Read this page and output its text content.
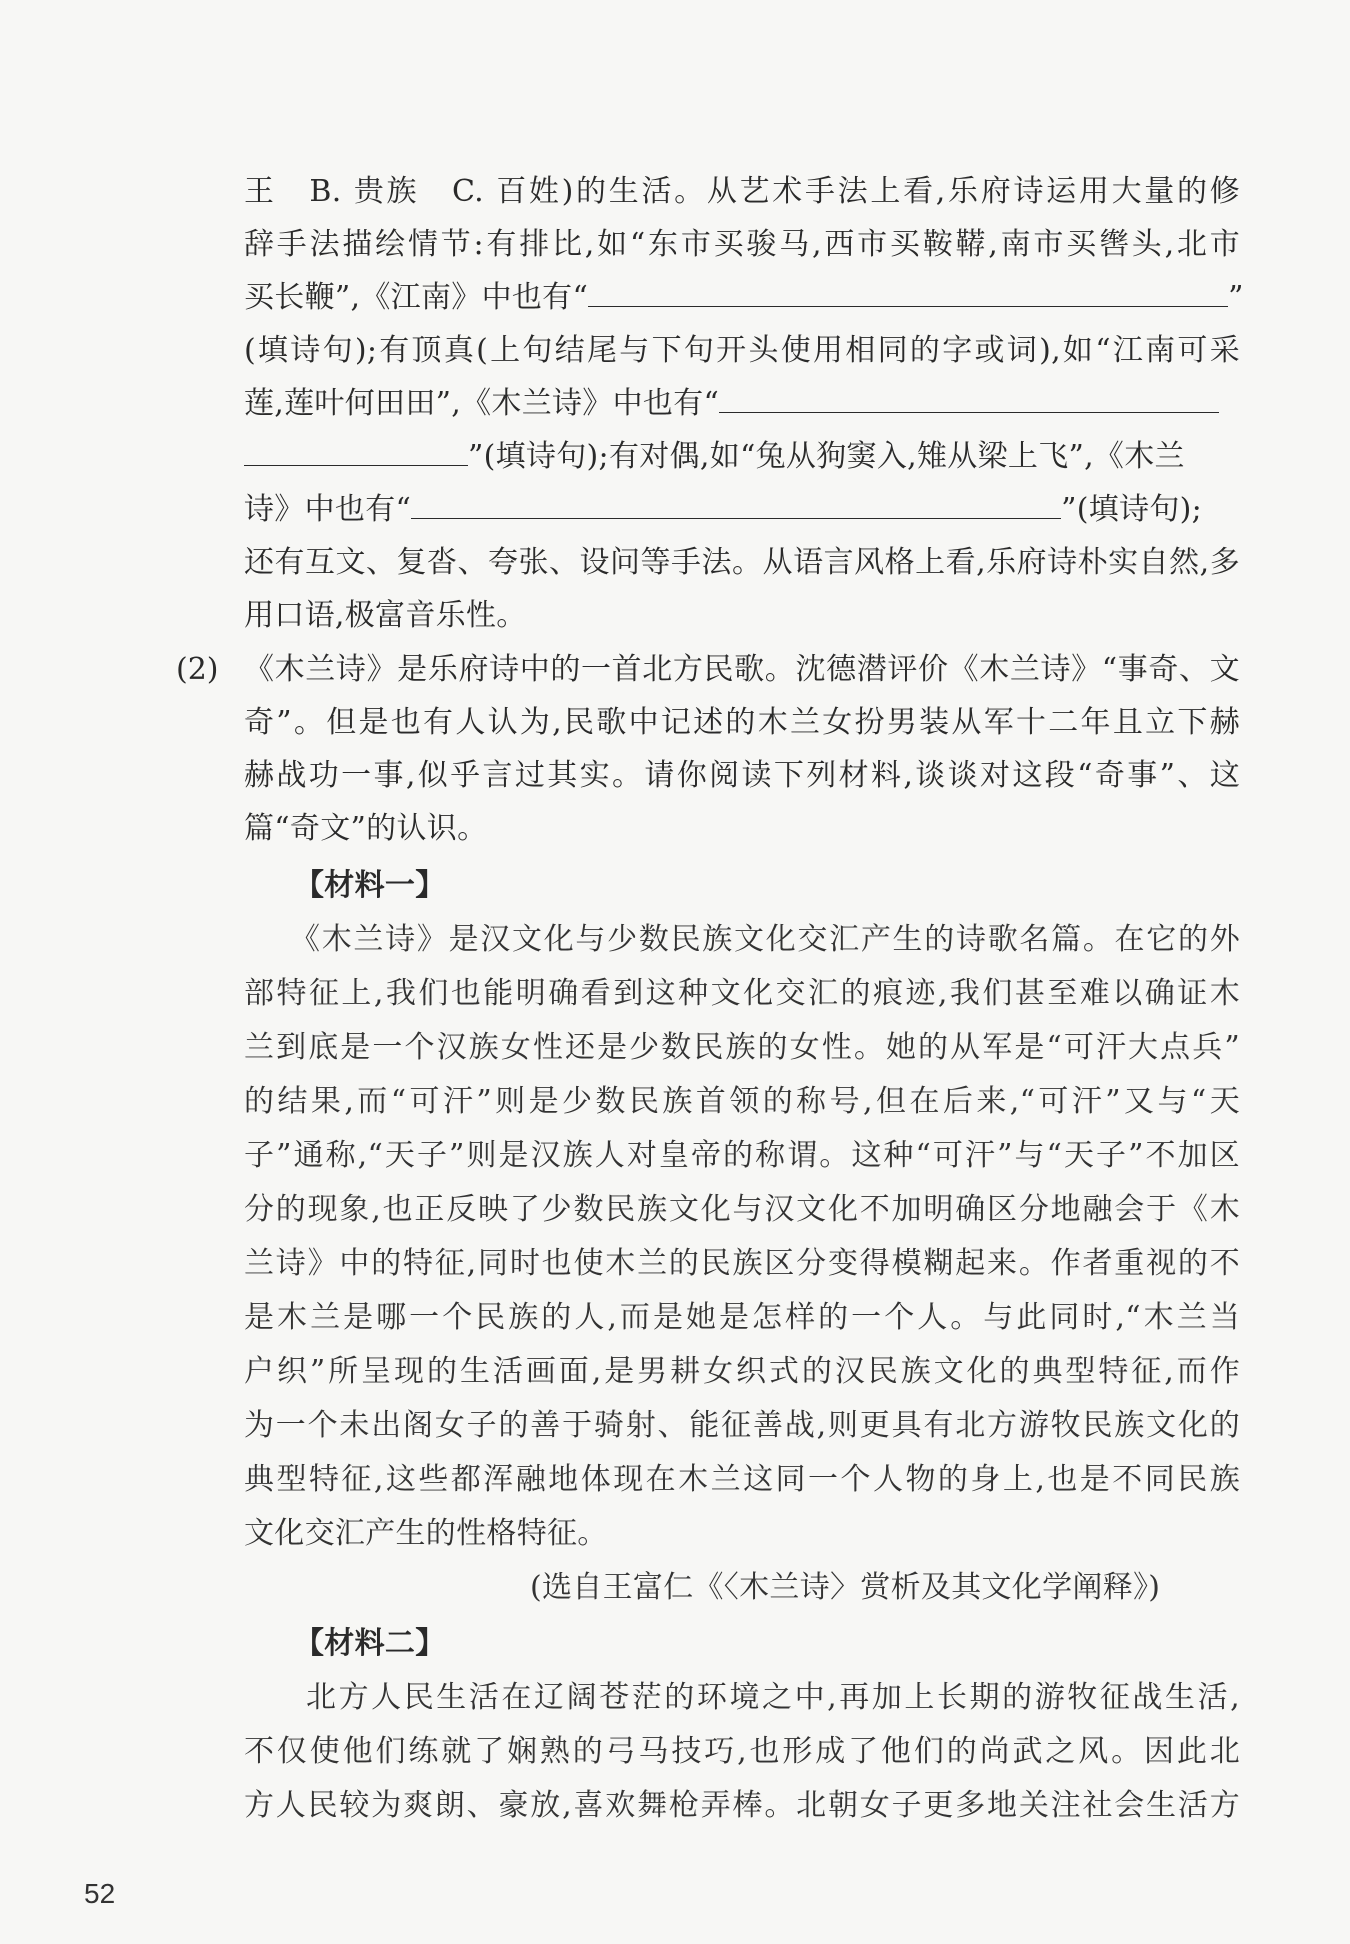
王　B. 贵族　C. 百姓)的生活。从艺术手法上看,乐府诗运用大量的修
辞手法描绘情节:有排比,如“东市买骏马,西市买鞍鞯,南市买辔头,北市
买长鞭”,《江南》中也有“	”
(填诗句);有顶真(上句结尾与下句开头使用相同的字或词),如“江南可采
莲,莲叶何田田”,《木兰诗》中也有“
”(填诗句);有对偶,如“兔从狗窦入,雉从梁上飞”,《木兰
诗》中也有“	”(填诗句);
还有互文、复沓、夸张、设问等手法。从语言风格上看,乐府诗朴实自然,多
用口语,极富音乐性。
(2) 《木兰诗》是乐府诗中的一首北方民歌。沈德潜评价《木兰诗》“事奇、文
奇”。但是也有人认为,民歌中记述的木兰女扮男装从军十二年且立下赫
赫战功一事,似乎言过其实。请你阅读下列材料,谈谈对这段“奇事”、这
篇“奇文”的认识。
【材料一】
《木兰诗》是汉文化与少数民族文化交汇产生的诗歌名篇。在它的外
部特征上,我们也能明确看到这种文化交汇的痕迹,我们甚至难以确证木
兰到底是一个汉族女性还是少数民族的女性。她的从军是“可汗大点兵”
的结果,而“可汗”则是少数民族首领的称号,但在后来,“可汗”又与“天
子”通称,“天子”则是汉族人对皇帝的称谓。这种“可汗”与“天子”不加区
分的现象,也正反映了少数民族文化与汉文化不加明确区分地融会于《木
兰诗》中的特征,同时也使木兰的民族区分变得模糊起来。作者重视的不
是木兰是哪一个民族的人,而是她是怎样的一个人。与此同时,“木兰当
户织”所呈现的生活画面,是男耕女织式的汉民族文化的典型特征,而作
为一个未出阁女子的善于骑射、能征善战,则更具有北方游牧民族文化的
典型特征,这些都浑融地体现在木兰这同一个人物的身上,也是不同民族
文化交汇产生的性格特征。
(选自王富仁《〈木兰诗〉赏析及其文化学阐释》)
【材料二】
北方人民生活在辽阔苍茫的环境之中,再加上长期的游牧征战生活,
不仅使他们练就了娴熟的弓马技巧,也形成了他们的尚武之风。因此北
方人民较为爽朗、豪放,喜欢舞枪弄棒。北朝女子更多地关注社会生活方
52
